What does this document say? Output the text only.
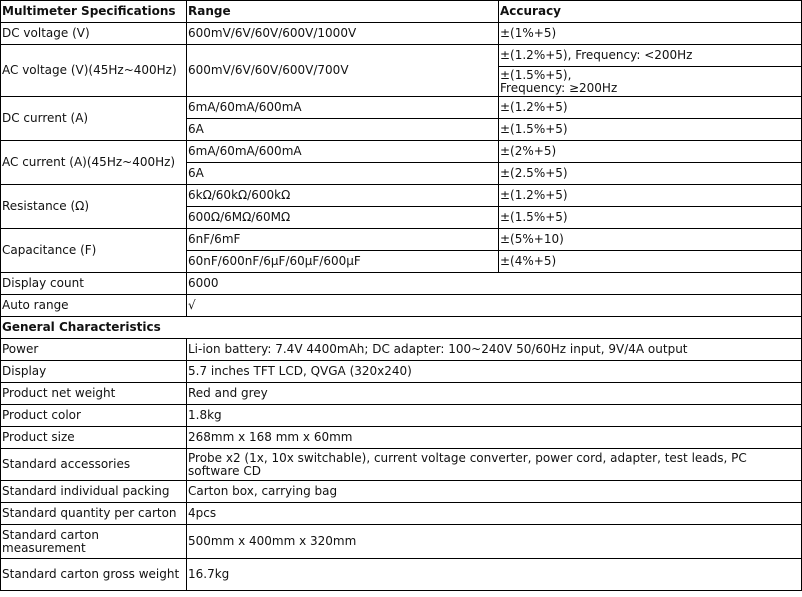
Multimeter Specifications	Range	Accuracy
DC voltage (V)	600mV/6V/60V/600V/1000V	±(1%+5)
AC voltage (V)(45Hz~400Hz)	600mV/6V/60V/600V/700V	±(1.2%+5), Frequency: <200Hz
		±(1.5%+5),
Frequency: ≥200Hz
DC current (A)	6mA/60mA/600mA	±(1.2%+5)
	6A	±(1.5%+5)
AC current (A)(45Hz~400Hz)	6mA/60mA/600mA	±(2%+5)
	6A	±(2.5%+5)
Resistance (Ω)	6kΩ/60kΩ/600kΩ	±(1.2%+5)
	600Ω/6MΩ/60MΩ	±(1.5%+5)
Capacitance (F)	6nF/6mF	±(5%+10)
	60nF/600nF/6μF/60μF/600μF	±(4%+5)
Display count	6000	
Auto range	√	
General Characteristics		
Power	Li-ion battery: 7.4V 4400mAh; DC adapter: 100~240V 50/60Hz input, 9V/4A output	
Display	5.7 inches TFT LCD, QVGA (320x240)	
Product net weight	Red and grey	
Product color	1.8kg	
Product size	268mm x 168 mm x 60mm	
Standard accessories	Probe x2 (1x, 10x switchable), current voltage converter, power cord, adapter, test leads, PC software CD	
Standard individual packing	Carton box, carrying bag	
Standard quantity per carton	4pcs	
Standard carton measurement	500mm x 400mm x 320mm	
Standard carton gross weight	16.7kg	
